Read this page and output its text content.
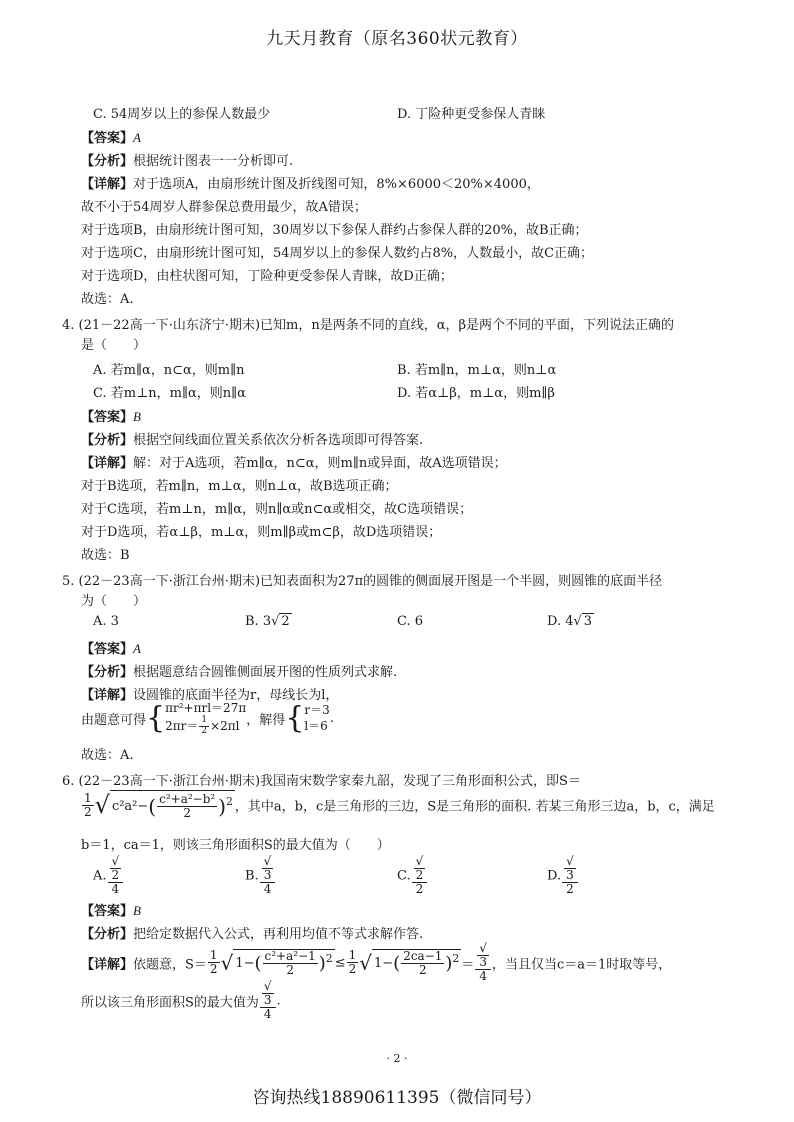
九天月教育（原名360状元教育）
C. 54周岁以上的参保人数最少	D. 丁险种更受参保人青睐
【答案】A
【分析】根据统计图表一一分析即可.
【详解】对于选项A，由扇形统计图及折线图可知，8%×6000＜20%×4000，
故不小于54周岁人群参保总费用最少，故A错误；
对于选项B，由扇形统计图可知，30周岁以下参保人群约占参保人群的20%，故B正确；
对于选项C，由扇形统计图可知，54周岁以上的参保人数约占8%，人数最小，故C正确；
对于选项D，由柱状图可知，丁险种更受参保人青睐，故D正确；
故选：A.
4. (21－22高一下·山东济宁·期末)已知m，n是两条不同的直线，α，β是两个不同的平面，下列说法正确的
是（　　）
A. 若m∥α，n⊂α，则m∥n	B. 若m∥n，m⊥α，则n⊥α
C. 若m⊥n，m∥α，则n∥α	D. 若α⊥β，m⊥α，则m∥β
【答案】B
【分析】根据空间线面位置关系依次分析各选项即可得答案.
【详解】解：对于A选项，若m∥α，n⊂α，则m∥n或异面，故A选项错误；
对于B选项，若m∥n，m⊥α，则n⊥α，故B选项正确；
对于C选项，若m⊥n，m∥α，则n∥α或n⊂α或相交，故C选项错误；
对于D选项，若α⊥β，m⊥α，则m∥β或m⊂β，故D选项错误；
故选：B
5. (22－23高一下·浙江台州·期末)已知表面积为27π的圆锥的侧面展开图是一个半圆，则圆锥的底面半径
为（　　）
A. 3	B. 3√ 2	C. 6	D. 4√ 3
【答案】A
【分析】根据题意结合圆锥侧面展开图的性质列式求解.
【详解】设圆锥的底面半径为r，母线长为l，
由题意可得{ πr²+πrl＝27π
$2\pi r= \frac{1}{2} \times 2\pi l$ ，解得{ r＝3
l＝6
.
故选：A.
6. (22－23高一下·浙江台州·期末)我国南宋数学家秦九韶，发现了三角形面积公式，即S＝
$\frac{1}{2}$ √ $c^2a^2-( \frac{\text{c²+a²−b²}}{2} )^2$ ，其中a，b，c是三角形的三边，S是三角形的面积. 若某三角形三边a，b，c，满足
b＝1，ca＝1，则该三角形面积S的最大值为（　　）
A. √
2
4	B. √
3
4	C. √
2
2	D. √
3
2
【答案】B
【分析】把给定数据代入公式，再利用均值不等式求解作答.
【详解】依题意，$S= \frac{1}{2}$ √ $1-( \frac{\text{c²+a²−1}}{2} )^2 \le \frac{1}{2}$ √ $1-( \frac{2ca-1}{2} )^2$ ＝ √
3
4 ，当且仅当c＝a＝1时取等号，
所以该三角形面积S的最大值为 √
3
4 .
· 2 ·
咨询热线18890611395（微信同号）
